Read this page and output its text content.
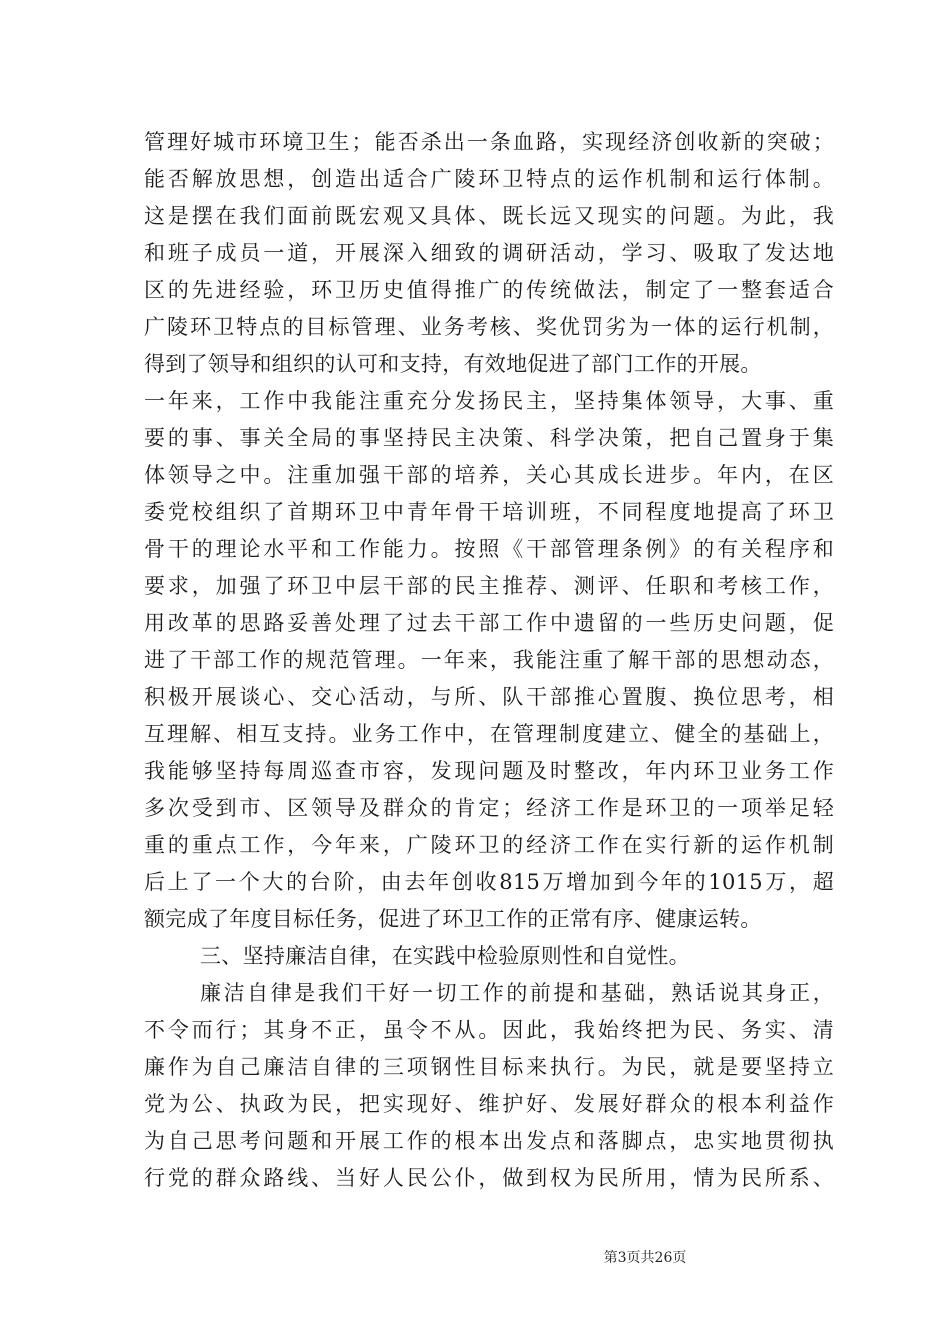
管理好城市环境卫生；能否杀出一条血路，实现经济创收新的突破；
能否解放思想，创造出适合广陵环卫特点的运作机制和运行体制。
这是摆在我们面前既宏观又具体、既长远又现实的问题。为此，我
和班子成员一道，开展深入细致的调研活动，学习、吸取了发达地
区的先进经验，环卫历史值得推广的传统做法，制定了一整套适合
广陵环卫特点的目标管理、业务考核、奖优罚劣为一体的运行机制，
得到了领导和组织的认可和支持，有效地促进了部门工作的开展。
一年来，工作中我能注重充分发扬民主，坚持集体领导，大事、重
要的事、事关全局的事坚持民主决策、科学决策，把自己置身于集
体领导之中。注重加强干部的培养，关心其成长进步。年内，在区
委党校组织了首期环卫中青年骨干培训班，不同程度地提高了环卫
骨干的理论水平和工作能力。按照《干部管理条例》的有关程序和
要求，加强了环卫中层干部的民主推荐、测评、任职和考核工作，
用改革的思路妥善处理了过去干部工作中遗留的一些历史问题，促
进了干部工作的规范管理。一年来，我能注重了解干部的思想动态，
积极开展谈心、交心活动，与所、队干部推心置腹、换位思考，相
互理解、相互支持。业务工作中，在管理制度建立、健全的基础上，
我能够坚持每周巡查市容，发现问题及时整改，年内环卫业务工作
多次受到市、区领导及群众的肯定；经济工作是环卫的一项举足轻
重的重点工作，今年来，广陵环卫的经济工作在实行新的运作机制
后上了一个大的台阶，由去年创收815万增加到今年的1015万，超
额完成了年度目标任务，促进了环卫工作的正常有序、健康运转。
三、坚持廉洁自律，在实践中检验原则性和自觉性。
廉洁自律是我们干好一切工作的前提和基础，熟话说其身正，
不令而行；其身不正，虽令不从。因此，我始终把为民、务实、清
廉作为自己廉洁自律的三项钢性目标来执行。为民，就是要坚持立
党为公、执政为民，把实现好、维护好、发展好群众的根本利益作
为自己思考问题和开展工作的根本出发点和落脚点，忠实地贯彻执
行党的群众路线、当好人民公仆，做到权为民所用，情为民所系、
第3页共26页
